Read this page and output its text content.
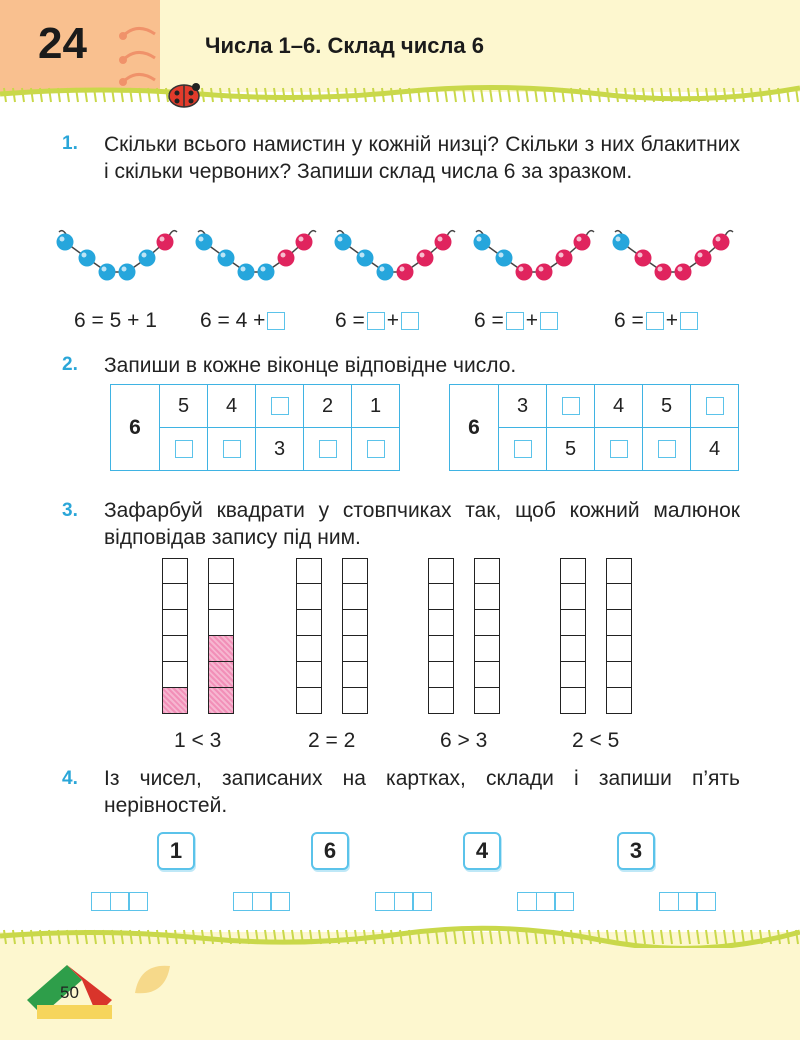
24	Числа 1–6. Склад числа 6
1. Скільки всього намистин у кожній низці? Скільки з них блакитних і скільки червоних? Запиши склад числа 6 за зразком.
6 = 5 + 1 6 = 4 +	6 = +	6 = +	6 = +
2. Запиши в кожне віконце відповідне число.
6	5	4		2	1
			3		
6	3		4	5	
		5			4
3. Зафарбуй квадрати у стовпчиках так, щоб кожний малюнок відповідав запису під ним.
1 < 3	2 = 2	6 > 3	2 < 5
4. Із чисел, записаних на картках, склади і запиши п’ять нерівностей.
1	6	4	3
50
